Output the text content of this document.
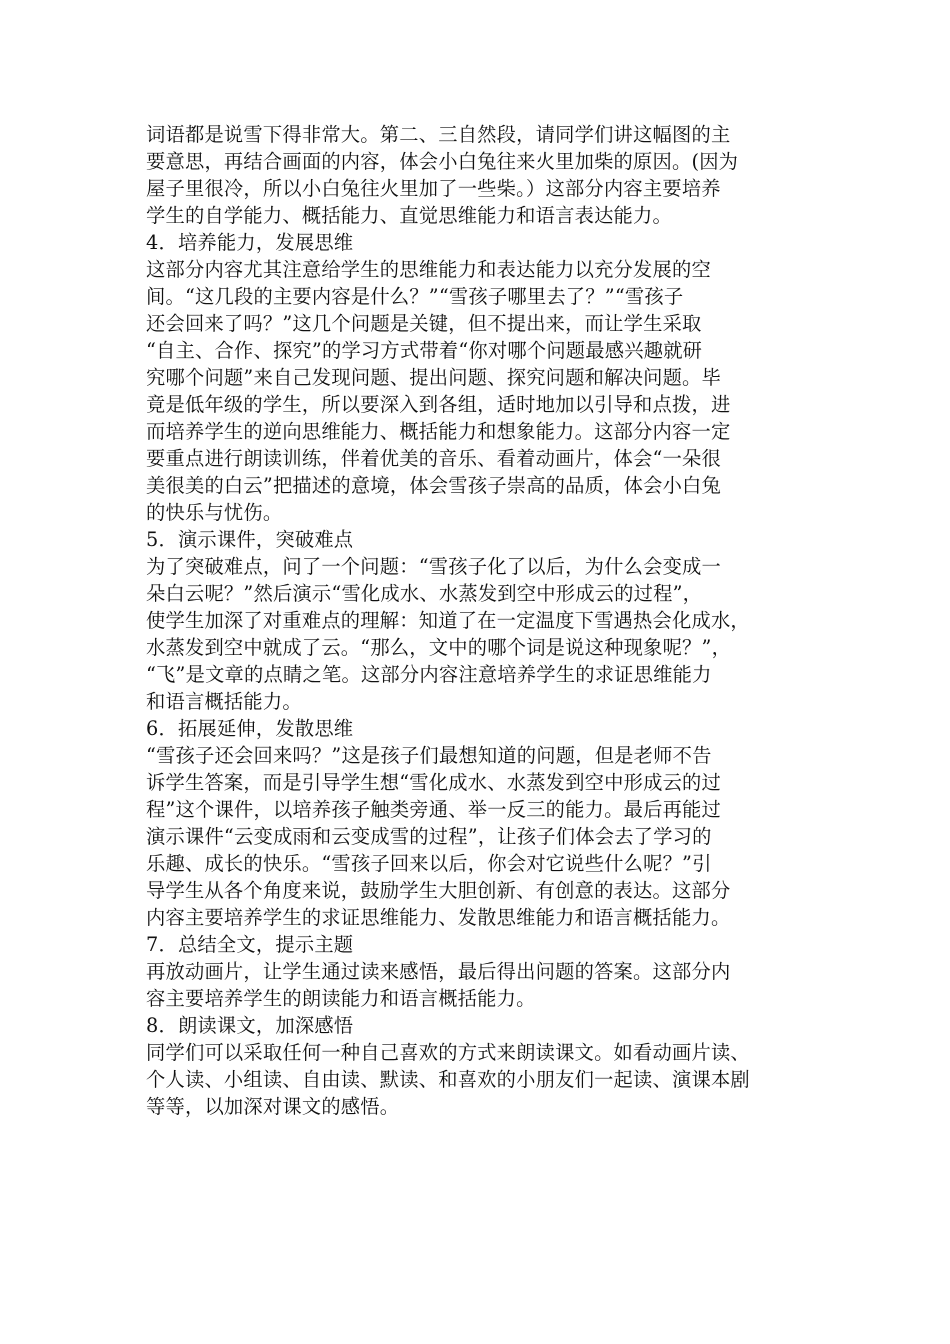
词语都是说雪下得非常大。第二、三自然段，请同学们讲这幅图的主
要意思，再结合画面的内容，体会小白兔往来火里加柴的原因。(因为
屋子里很冷，所以小白兔往火里加了一些柴。）这部分内容主要培养
学生的自学能力、概括能力、直觉思维能力和语言表达能力。
4．培养能力，发展思维
这部分内容尤其注意给学生的思维能力和表达能力以充分发展的空
间。“这几段的主要内容是什么？”“雪孩子哪里去了？”“雪孩子
还会回来了吗？”这几个问题是关键，但不提出来，而让学生采取
“自主、合作、探究”的学习方式带着“你对哪个问题最感兴趣就研
究哪个问题”来自己发现问题、提出问题、探究问题和解决问题。毕
竟是低年级的学生，所以要深入到各组，适时地加以引导和点拨，进
而培养学生的逆向思维能力、概括能力和想象能力。这部分内容一定
要重点进行朗读训练，伴着优美的音乐、看着动画片，体会“一朵很
美很美的白云”把描述的意境，体会雪孩子崇高的品质，体会小白兔
的快乐与忧伤。
5．演示课件，突破难点
为了突破难点，问了一个问题：“雪孩子化了以后，为什么会变成一
朵白云呢？”然后演示“雪化成水、水蒸发到空中形成云的过程”，
使学生加深了对重难点的理解：知道了在一定温度下雪遇热会化成水，
水蒸发到空中就成了云。“那么，文中的哪个词是说这种现象呢？”，
“飞”是文章的点睛之笔。这部分内容注意培养学生的求证思维能力
和语言概括能力。
6．拓展延伸，发散思维
“雪孩子还会回来吗？”这是孩子们最想知道的问题，但是老师不告
诉学生答案，而是引导学生想“雪化成水、水蒸发到空中形成云的过
程”这个课件，以培养孩子触类旁通、举一反三的能力。最后再能过
演示课件“云变成雨和云变成雪的过程”，让孩子们体会去了学习的
乐趣、成长的快乐。“雪孩子回来以后，你会对它说些什么呢？”引
导学生从各个角度来说，鼓励学生大胆创新、有创意的表达。这部分
内容主要培养学生的求证思维能力、发散思维能力和语言概括能力。
7．总结全文，提示主题
再放动画片，让学生通过读来感悟，最后得出问题的答案。这部分内
容主要培养学生的朗读能力和语言概括能力。
8．朗读课文，加深感悟
同学们可以采取任何一种自己喜欢的方式来朗读课文。如看动画片读、
个人读、小组读、自由读、默读、和喜欢的小朋友们一起读、演课本剧
等等，以加深对课文的感悟。
